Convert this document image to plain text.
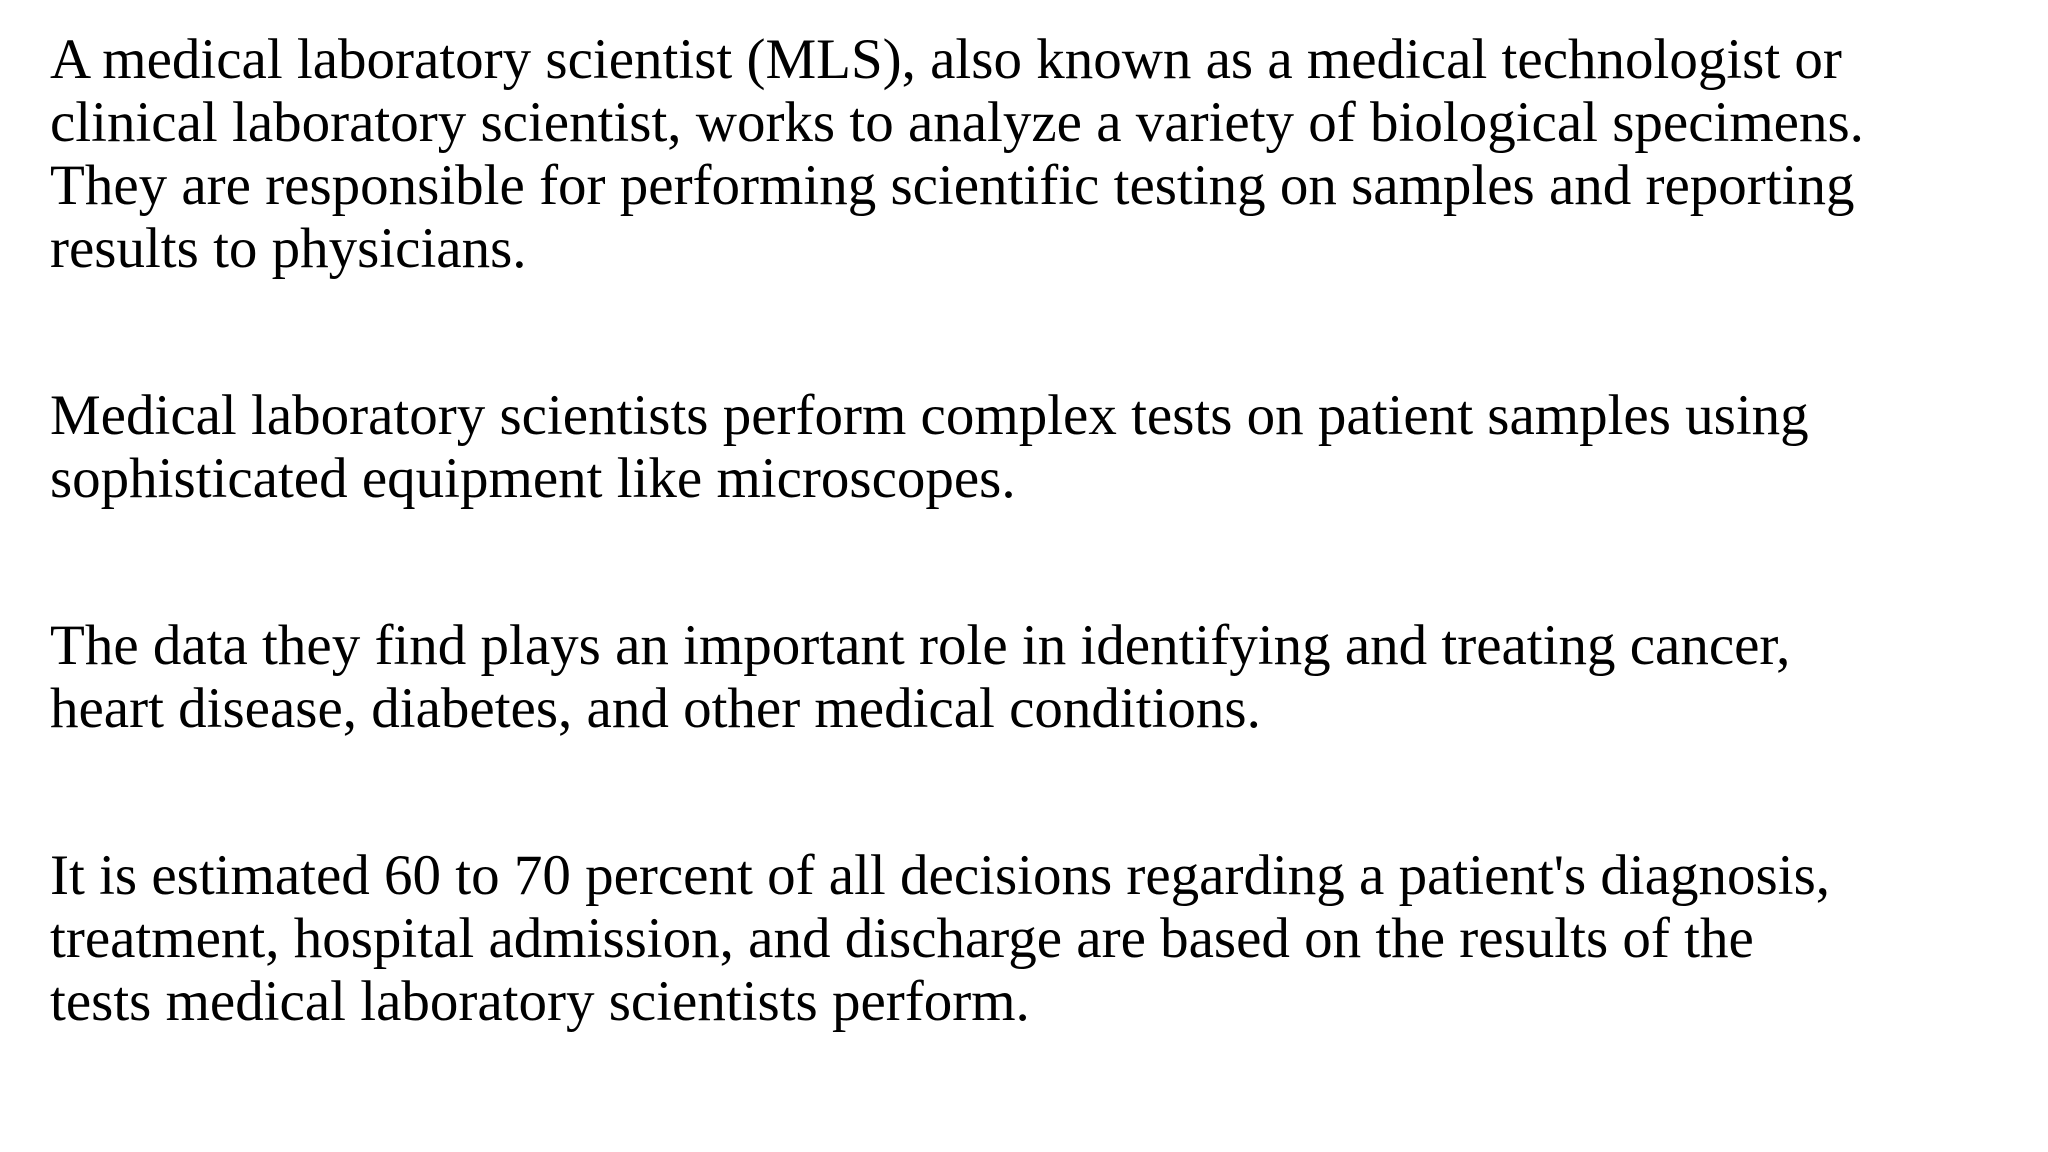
A medical laboratory scientist (MLS), also known as a medical technologist or
clinical laboratory scientist, works to analyze a variety of biological specimens.
They are responsible for performing scientific testing on samples and reporting
results to physicians.

Medical laboratory scientists perform complex tests on patient samples using
sophisticated equipment like microscopes.

The data they find plays an important role in identifying and treating cancer,
heart disease, diabetes, and other medical conditions.

It is estimated 60 to 70 percent of all decisions regarding a patient's diagnosis,
treatment, hospital admission, and discharge are based on the results of the
tests medical laboratory scientists perform.
